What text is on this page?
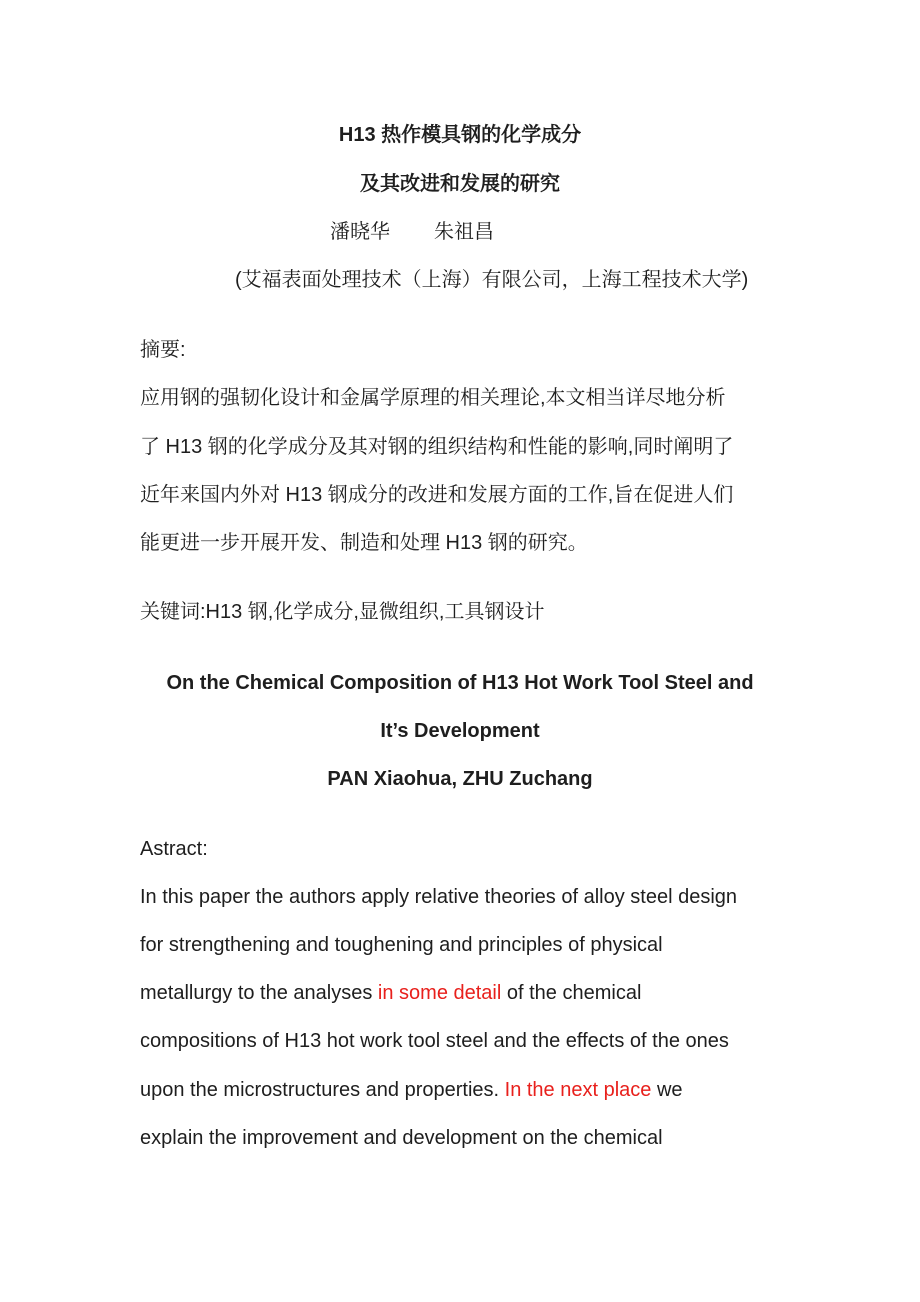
H13 热作模具钢的化学成分
及其改进和发展的研究
潘晓华 朱祖昌
(艾福表面处理技术（上海）有限公司，上海工程技术大学)
摘要:
应用钢的强韧化设计和金属学原理的相关理论,本文相当详尽地分析
了 H13 钢的化学成分及其对钢的组织结构和性能的影响,同时阐明了
近年来国内外对 H13 钢成分的改进和发展方面的工作,旨在促进人们
能更进一步开展开发、制造和处理 H13 钢的研究。
关键词:H13 钢,化学成分,显微组织,工具钢设计
On the Chemical Composition of H13 Hot Work Tool Steel and
It’s Development
PAN Xiaohua, ZHU Zuchang
Astract:
In this paper the authors apply relative theories of alloy steel design
for strengthening and toughening and principles of physical
metallurgy to the analyses in some detail of the chemical
compositions of H13 hot work tool steel and the effects of the ones
upon the microstructures and properties. In the next place we
explain the improvement and development on the chemical
